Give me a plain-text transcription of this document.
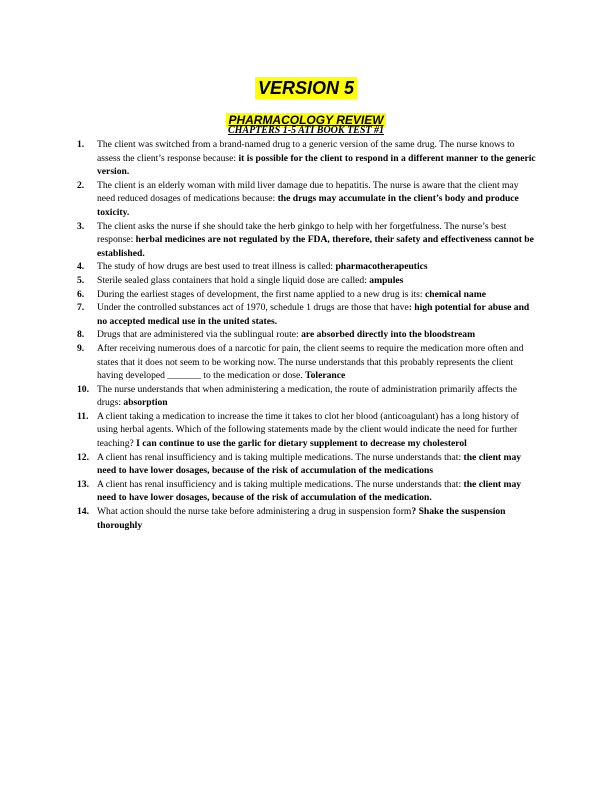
VERSION 5
PHARMACOLOGY REVIEW
CHAPTERS 1-5 ATI BOOK TEST #1
1. The client was switched from a brand-named drug to a generic version of the same drug. The nurse knows to assess the client’s response because: it is possible for the client to respond in a different manner to the generic version.
2. The client is an elderly woman with mild liver damage due to hepatitis. The nurse is aware that the client may need reduced dosages of medications because: the drugs may accumulate in the client’s body and produce toxicity.
3. The client asks the nurse if she should take the herb ginkgo to help with her forgetfulness. The nurse’s best response: herbal medicines are not regulated by the FDA, therefore, their safety and effectiveness cannot be established.
4. The study of how drugs are best used to treat illness is called: pharmacotherapeutics
5. Sterile sealed glass containers that hold a single liquid dose are called: ampules
6. During the earliest stages of development, the first name applied to a new drug is its: chemical name
7. Under the controlled substances act of 1970, schedule 1 drugs are those that have: high potential for abuse and no accepted medical use in the united states.
8. Drugs that are administered via the sublingual route: are absorbed directly into the bloodstream
9. After receiving numerous does of a narcotic for pain, the client seems to require the medication more often and states that it does not seem to be working now. The nurse understands that this probably represents the client having developed _______ to the medication or dose. Tolerance
10. The nurse understands that when administering a medication, the route of administration primarily affects the drugs: absorption
11. A client taking a medication to increase the time it takes to clot her blood (anticoagulant) has a long history of using herbal agents. Which of the following statements made by the client would indicate the need for further teaching? I can continue to use the garlic for dietary supplement to decrease my cholesterol
12. A client has renal insufficiency and is taking multiple medications. The nurse understands that: the client may need to have lower dosages, because of the risk of accumulation of the medications
13. A client has renal insufficiency and is taking multiple medications. The nurse understands that: the client may need to have lower dosages, because of the risk of accumulation of the medication.
14. What action should the nurse take before administering a drug in suspension form? Shake the suspension thoroughly
